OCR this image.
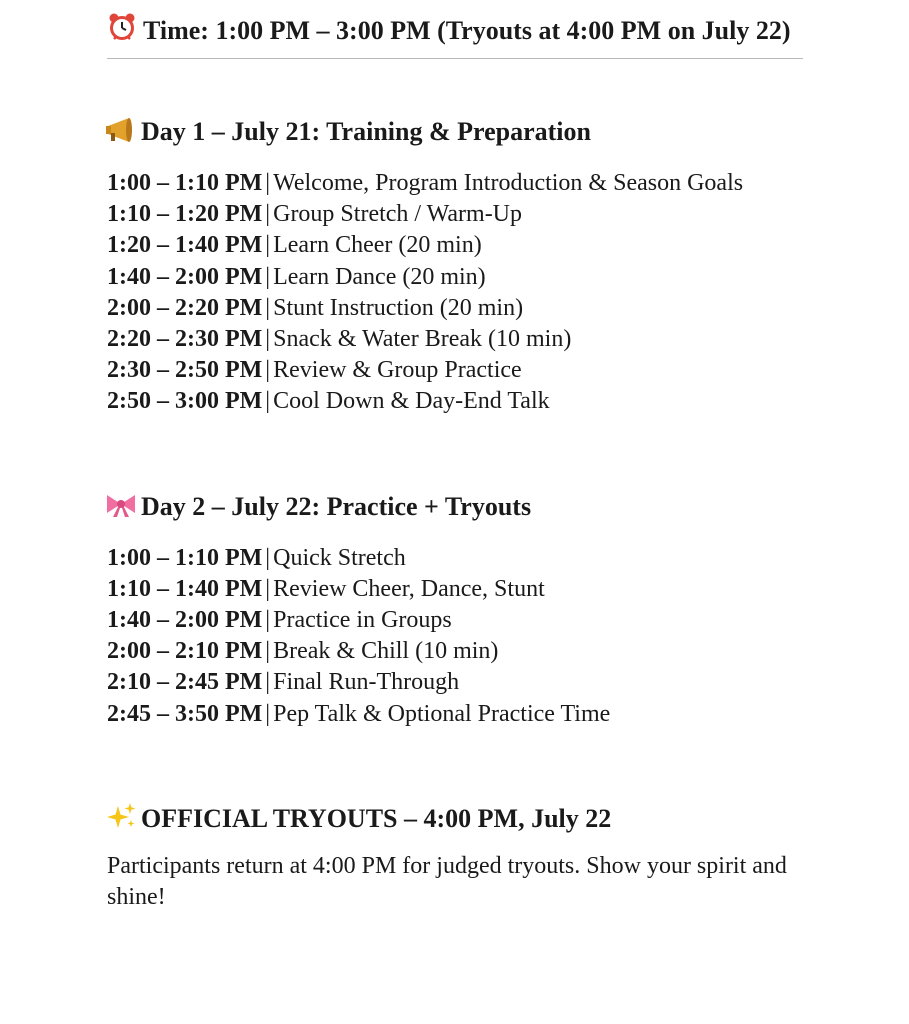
Time: 1:00 PM – 3:00 PM (Tryouts at 4:00 PM on July 22)

Day 1 – July 21: Training & Preparation

1:00 – 1:10 PM | Welcome, Program Introduction & Season Goals
1:10 – 1:20 PM | Group Stretch / Warm-Up
1:20 – 1:40 PM | Learn Cheer (20 min)
1:40 – 2:00 PM | Learn Dance (20 min)
2:00 – 2:20 PM | Stunt Instruction (20 min)
2:20 – 2:30 PM | Snack & Water Break (10 min)
2:30 – 2:50 PM | Review & Group Practice
2:50 – 3:00 PM | Cool Down & Day-End Talk

Day 2 – July 22: Practice + Tryouts

1:00 – 1:10 PM | Quick Stretch
1:10 – 1:40 PM | Review Cheer, Dance, Stunt
1:40 – 2:00 PM | Practice in Groups
2:00 – 2:10 PM | Break & Chill (10 min)
2:10 – 2:45 PM | Final Run-Through
2:45 – 3:50 PM | Pep Talk & Optional Practice Time

OFFICIAL TRYOUTS – 4:00 PM, July 22

Participants return at 4:00 PM for judged tryouts. Show your spirit and shine!
